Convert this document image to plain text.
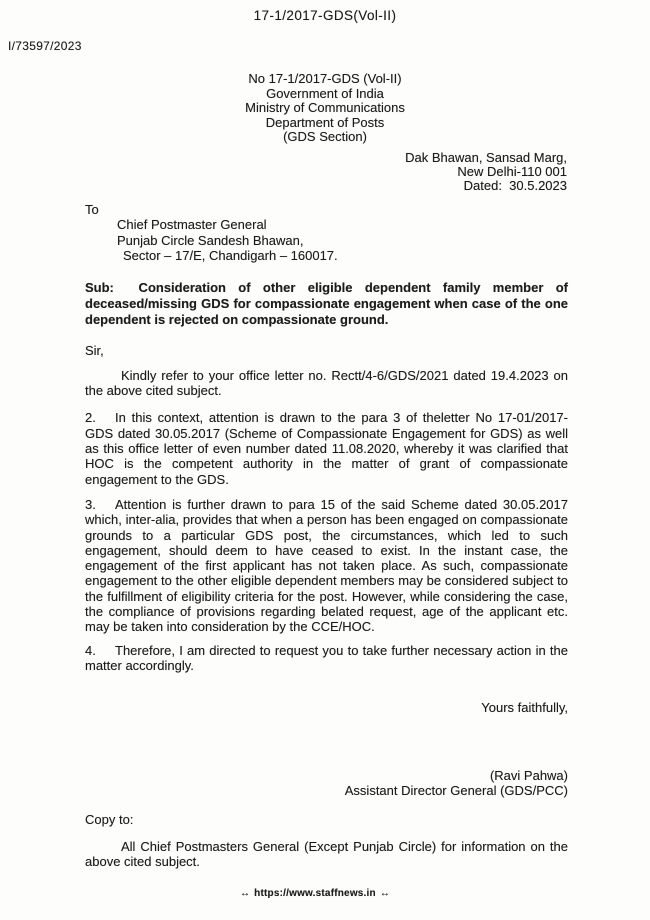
17-1/2017-GDS(Vol-II)
I/73597/2023
No 17-1/2017-GDS (Vol-II)
Government of India
Ministry of Communications
Department of Posts
(GDS Section)
Dak Bhawan, Sansad Marg,
New Delhi-110 001
Dated:  30.5.2023

To

Chief Postmaster General
Punjab Circle Sandesh Bhawan,
Sector – 17/E, Chandigarh – 160017.

Sub:  Consideration of other eligible dependent family member of deceased/missing GDS for compassionate engagement when case of the one dependent is rejected on compassionate ground.

Sir,

Kindly refer to your office letter no. Rectt/4-6/GDS/2021 dated 19.4.2023 on the above cited subject.

2. In this context, attention is drawn to the para 3 of theletter No 17-01/2017-GDS dated 30.05.2017 (Scheme of Compassionate Engagement for GDS) as well as this office letter of even number dated 11.08.2020, whereby it was clarified that HOC is the competent authority in the matter of grant of compassionate engagement to the GDS.

3. Attention is further drawn to para 15 of the said Scheme dated 30.05.2017 which, inter-alia, provides that when a person has been engaged on compassionate grounds to a particular GDS post, the circumstances, which led to such engagement, should deem to have ceased to exist. In the instant case, the engagement of the first applicant has not taken place. As such, compassionate engagement to the other eligible dependent members may be considered subject to the fulfillment of eligibility criteria for the post. However, while considering the case, the compliance of provisions regarding belated request, age of the applicant etc. may be taken into consideration by the CCE/HOC.

4. Therefore, I am directed to request you to take further necessary action in the matter accordingly.

Yours faithfully,

(Ravi Pahwa)
Assistant Director General (GDS/PCC)

Copy to:

All Chief Postmasters General (Except Punjab Circle) for information on the above cited subject.

↔ https://www.staffnews.in ↔
